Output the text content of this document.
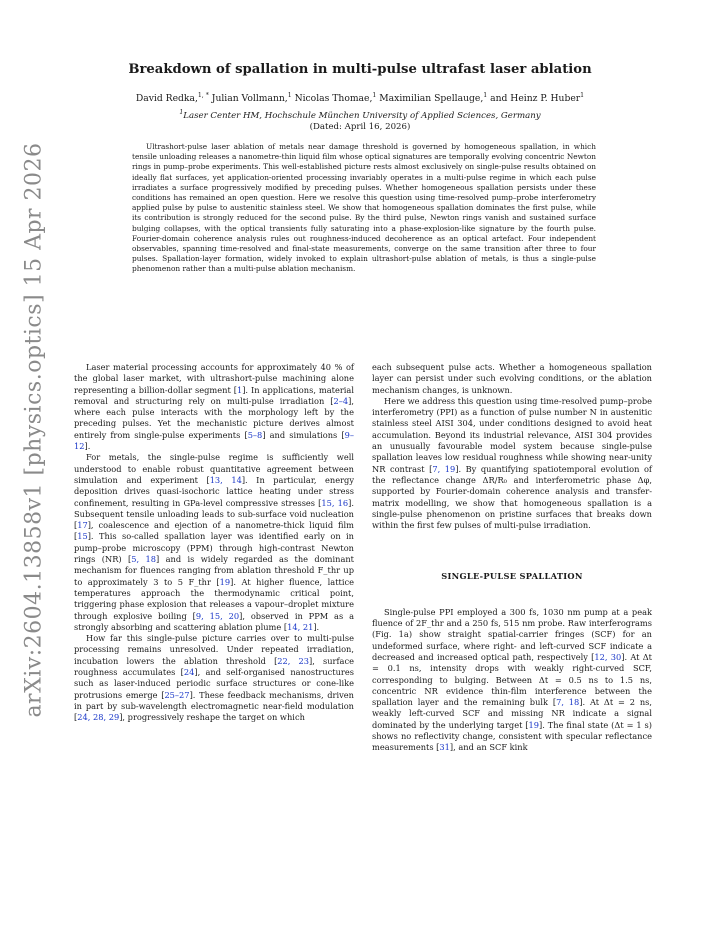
arXiv:2604.13858v1 [physics.optics] 15 Apr 2026
Breakdown of spallation in multi-pulse ultrafast laser ablation
David Redka,$^{1, *}$ Julian Vollmann,$^1$ Nicolas Thomae,$^1$ Maximilian Spellauge,$^1$ and Heinz P. Huber$^1$
$^1$Laser Center HM, Hochschule München University of Applied Sciences, Germany
(Dated: April 16, 2026)

Ultrashort-pulse laser ablation of metals near damage threshold is governed by homogeneous spallation, in which tensile unloading releases a nanometre-thin liquid film whose optical signatures are temporally evolving concentric Newton rings in pump–probe experiments. This well-established picture rests almost exclusively on single-pulse results obtained on ideally flat surfaces, yet application-oriented processing invariably operates in a multi-pulse regime in which each pulse irradiates a surface progressively modified by preceding pulses. Whether homogeneous spallation persists under these conditions has remained an open question. Here we resolve this question using time-resolved pump–probe interferometry applied pulse by pulse to austenitic stainless steel. We show that homogeneous spallation dominates the first pulse, while its contribution is strongly reduced for the second pulse. By the third pulse, Newton rings vanish and sustained surface bulging collapses, with the optical transients fully saturating into a phase-explosion-like signature by the fourth pulse. Fourier-domain coherence analysis rules out roughness-induced decoherence as an optical artefact. Four independent observables, spanning time-resolved and final-state measurements, converge on the same transition after three to four pulses. Spallation-layer formation, widely invoked to explain ultrashort-pulse ablation of metals, is thus a single-pulse phenomenon rather than a multi-pulse ablation mechanism.

Laser material processing accounts for approximately 40 % of the global laser market, with ultrashort-pulse machining alone representing a billion-dollar segment [1]. In applications, material removal and structuring rely on multi-pulse irradiation [2–4], where each pulse interacts with the morphology left by the preceding pulses. Yet the mechanistic picture derives almost entirely from single-pulse experiments [5–8] and simulations [9–12].

For metals, the single-pulse regime is sufficiently well understood to enable robust quantitative agreement between simulation and experiment [13, 14]. In particular, energy deposition drives quasi-isochoric lattice heating under stress confinement, resulting in GPa-level compressive stresses [15, 16]. Subsequent tensile unloading leads to sub-surface void nucleation [17], coalescence and ejection of a nanometre-thick liquid film [15]. This so-called spallation layer was identified early on in pump–probe microscopy (PPM) through high-contrast Newton rings (NR) [5, 18] and is widely regarded as the dominant mechanism for fluences ranging from ablation threshold F_thr up to approximately 3 to 5 F_thr [19]. At higher fluence, lattice temperatures approach the thermodynamic critical point, triggering phase explosion that releases a vapour–droplet mixture through explosive boiling [9, 15, 20], observed in PPM as a strongly absorbing and scattering ablation plume [14, 21].

How far this single-pulse picture carries over to multi-pulse processing remains unresolved. Under repeated irradiation, incubation lowers the ablation threshold [22, 23], surface roughness accumulates [24], and self-organised nanostructures such as laser-induced periodic surface structures or cone-like protrusions emerge [25–27]. These feedback mechanisms, driven in part by sub-wavelength electromagnetic near-field modulation [24, 28, 29], progressively reshape the target on which

each subsequent pulse acts. Whether a homogeneous spallation layer can persist under such evolving conditions, or the ablation mechanism changes, is unknown.

Here we address this question using time-resolved pump–probe interferometry (PPI) as a function of pulse number N in austenitic stainless steel AISI 304, under conditions designed to avoid heat accumulation. Beyond its industrial relevance, AISI 304 provides an unusually favourable model system because single-pulse spallation leaves low residual roughness while showing near-unity NR contrast [7, 19]. By quantifying spatiotemporal evolution of the reflectance change ΔR/R₀ and interferometric phase Δφ, supported by Fourier-domain coherence analysis and transfer-matrix modelling, we show that homogeneous spallation is a single-pulse phenomenon on pristine surfaces that breaks down within the first few pulses of multi-pulse irradiation.

SINGLE-PULSE SPALLATION

Single-pulse PPI employed a 300 fs, 1030 nm pump at a peak fluence of 2F_thr and a 250 fs, 515 nm probe. Raw interferograms (Fig. 1a) show straight spatial-carrier fringes (SCF) for an undeformed surface, where right- and left-curved SCF indicate a decreased and increased optical path, respectively [12, 30]. At Δt = 0.1 ns, intensity drops with weakly right-curved SCF, corresponding to bulging. Between Δt = 0.5 ns to 1.5 ns, concentric NR evidence thin-film interference between the spallation layer and the remaining bulk [7, 18]. At Δt = 2 ns, weakly left-curved SCF and missing NR indicate a signal dominated by the underlying target [19]. The final state (Δt = 1 s) shows no reflectivity change, consistent with specular reflectance measurements [31], and an SCF kink
